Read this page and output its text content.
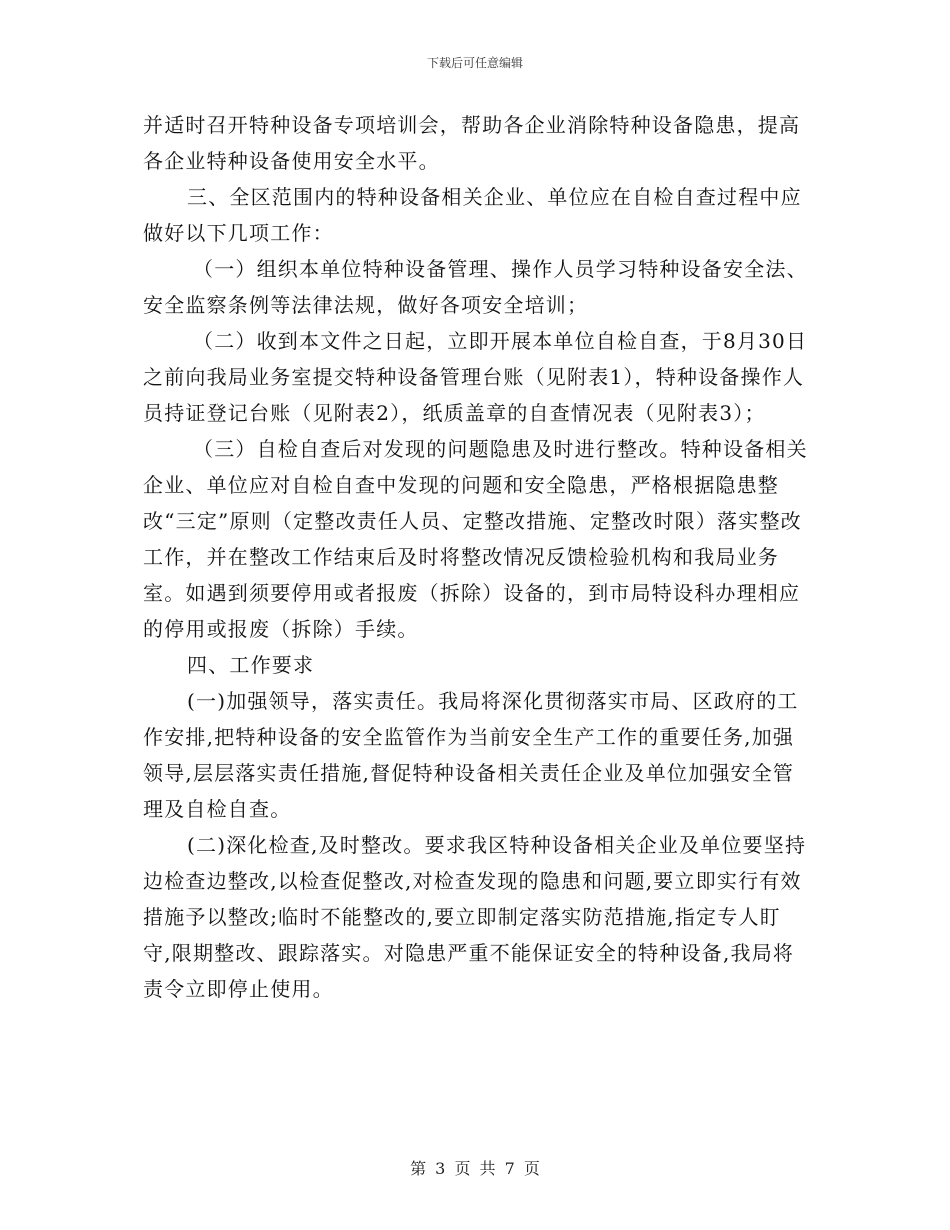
下载后可任意编辑

并适时召开特种设备专项培训会，帮助各企业消除特种设备隐患，提高各企业特种设备使用安全水平。

三、全区范围内的特种设备相关企业、单位应在自检自查过程中应做好以下几项工作：

（一）组织本单位特种设备管理、操作人员学习特种设备安全法、安全监察条例等法律法规，做好各项安全培训；

（二）收到本文件之日起，立即开展本单位自检自查，于8月30日之前向我局业务室提交特种设备管理台账（见附表1），特种设备操作人员持证登记台账（见附表2），纸质盖章的自查情况表（见附表3）；

（三）自检自查后对发现的问题隐患及时进行整改。特种设备相关企业、单位应对自检自查中发现的问题和安全隐患，严格根据隐患整改“三定”原则（定整改责任人员、定整改措施、定整改时限）落实整改工作，并在整改工作结束后及时将整改情况反馈检验机构和我局业务室。如遇到须要停用或者报废（拆除）设备的，到市局特设科办理相应的停用或报废（拆除）手续。

四、工作要求

(一)加强领导，落实责任。我局将深化贯彻落实市局、区政府的工作安排,把特种设备的安全监管作为当前安全生产工作的重要任务,加强领导,层层落实责任措施,督促特种设备相关责任企业及单位加强安全管理及自检自查。

(二)深化检查,及时整改。要求我区特种设备相关企业及单位要坚持边检查边整改,以检查促整改,对检查发现的隐患和问题,要立即实行有效措施予以整改;临时不能整改的,要立即制定落实防范措施,指定专人盯守,限期整改、跟踪落实。对隐患严重不能保证安全的特种设备,我局将责令立即停止使用。

第 3 页 共 7 页
